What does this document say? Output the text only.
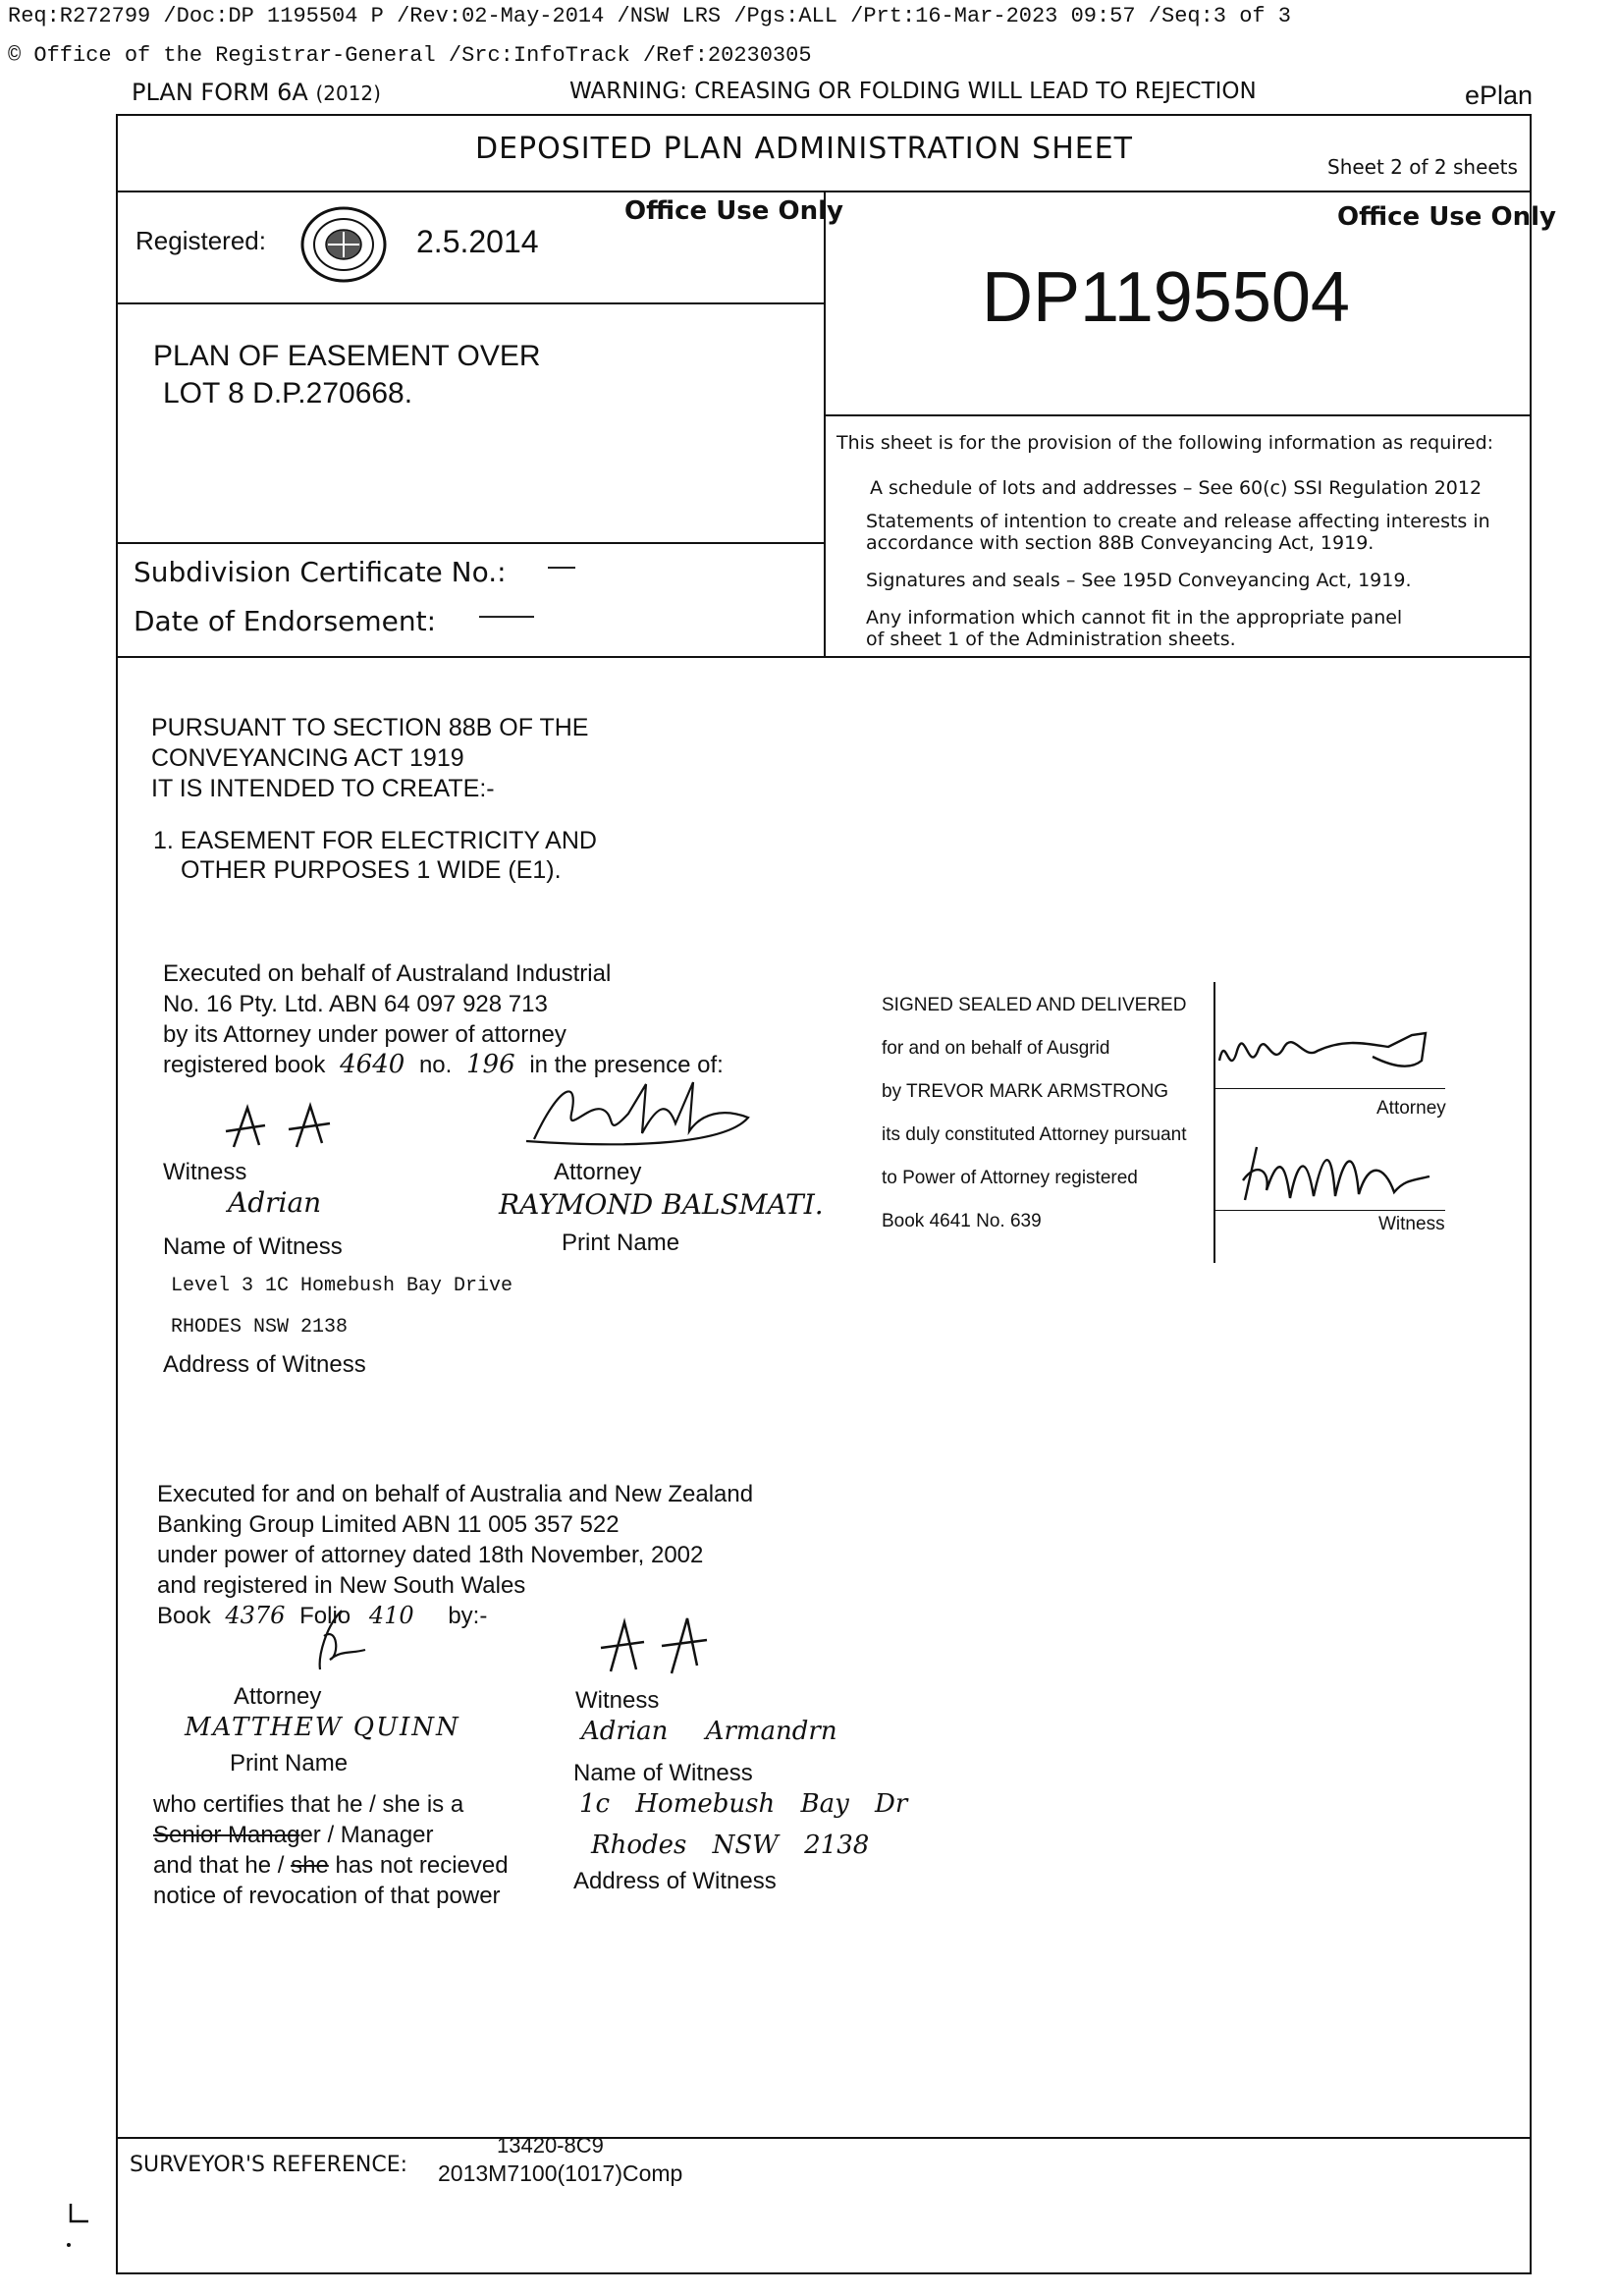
Req:R272799 /Doc:DP 1195504 P /Rev:02-May-2014 /NSW LRS /Pgs:ALL /Prt:16-Mar-2023 09:57 /Seq:3 of 3
© Office of the Registrar-General /Src:InfoTrack /Ref:20230305
PLAN FORM 6A (2012)	WARNING: CREASING OR FOLDING WILL LEAD TO REJECTION	ePlan
DEPOSITED PLAN ADMINISTRATION SHEET
Sheet 2 of 2 sheets
Office Use Only
Registered:	2.5.2014
PLAN OF EASEMENT OVER
LOT 8 D.P.270668.
Subdivision Certificate No.: —
Date of Endorsement: ——
Office Use Only
DP1195504
This sheet is for the provision of the following information as required:
A schedule of lots and addresses – See 60(c) SSI Regulation 2012
Statements of intention to create and release affecting interests in
accordance with section 88B Conveyancing Act, 1919.
Signatures and seals – See 195D Conveyancing Act, 1919.
Any information which cannot fit in the appropriate panel
of sheet 1 of the Administration sheets.
PURSUANT TO SECTION 88B OF THE
CONVEYANCING ACT 1919
IT IS INTENDED TO CREATE:-
1. EASEMENT FOR ELECTRICITY AND
OTHER PURPOSES 1 WIDE (E1).
Executed on behalf of Australand Industrial
No. 16 Pty. Ltd. ABN 64 097 928 713
by its Attorney under power of attorney
registered book 4640 no. 196 in the presence of:
Witness	Attorney
Adrian	RAYMOND BALSMATI.
Name of Witness	Print Name
Level 3 1C Homebush Bay Drive
RHODES NSW 2138
Address of Witness
SIGNED SEALED AND DELIVERED
for and on behalf of Ausgrid
by TREVOR MARK ARMSTRONG
its duly constituted Attorney pursuant
to Power of Attorney registered
Book 4641 No. 639
Attorney
Witness
Executed for and on behalf of Australia and New Zealand
Banking Group Limited ABN 11 005 357 522
under power of attorney dated 18th November, 2002
and registered in New South Wales
Book 4376 Folio 410 by:-
Attorney	Witness
MATTHEW QUINN	Adrian Armandrn
Print Name	Name of Witness
who certifies that he / she is a
Senior Manager / Manager
and that he / she has not recieved
notice of revocation of that power
1c Homebush Bay Dr
Rhodes NSW 2138
Address of Witness
SURVEYOR'S REFERENCE:
13420-8C9
2013M7100(1017)Comp
